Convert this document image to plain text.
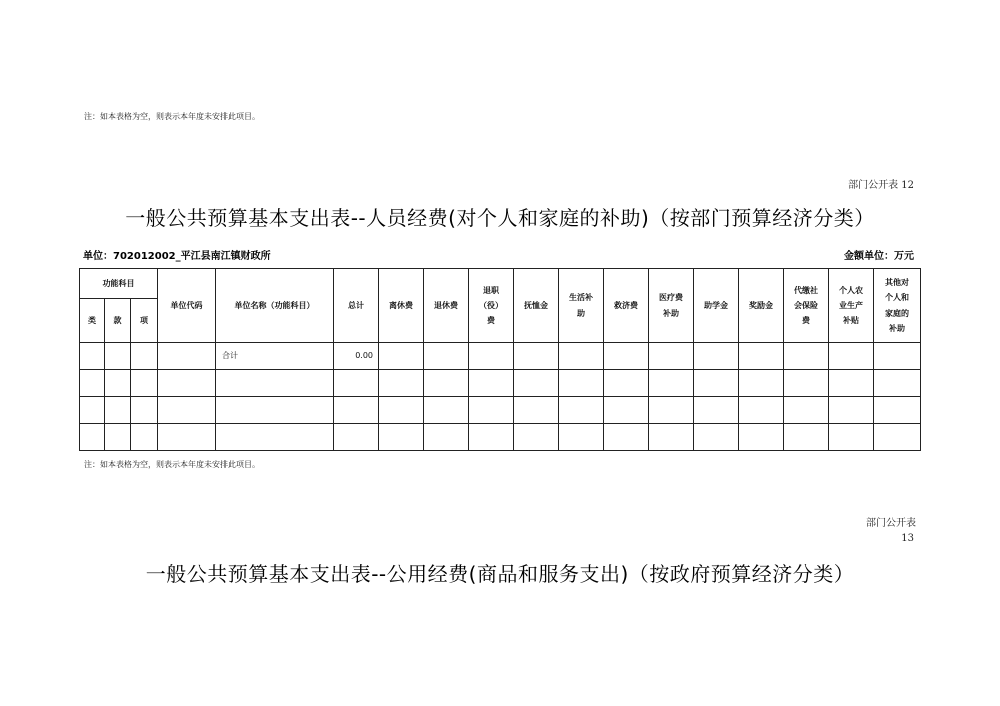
注：如本表格为空，则表示本年度未安排此项目。
部门公开表 12
一般公共预算基本支出表--人员经费(对个人和家庭的补助)（按部门预算经济分类）
单位：702012002_平江县南江镇财政所	金额单位：万元
功能科目			单位代码	单位名称（功能科目）	总计	离休费	退休费	退职
（役）
费	抚恤金	生活补
助	救济费	医疗费
补助	助学金	奖励金	代缴社
会保险
费	个人农
业生产
补贴	其他对
个人和
家庭的
补助
类	款	项															
				合计	0.00												

注：如本表格为空，则表示本年度未安排此项目。
部门公开表
13
一般公共预算基本支出表--公用经费(商品和服务支出)（按政府预算经济分类）
